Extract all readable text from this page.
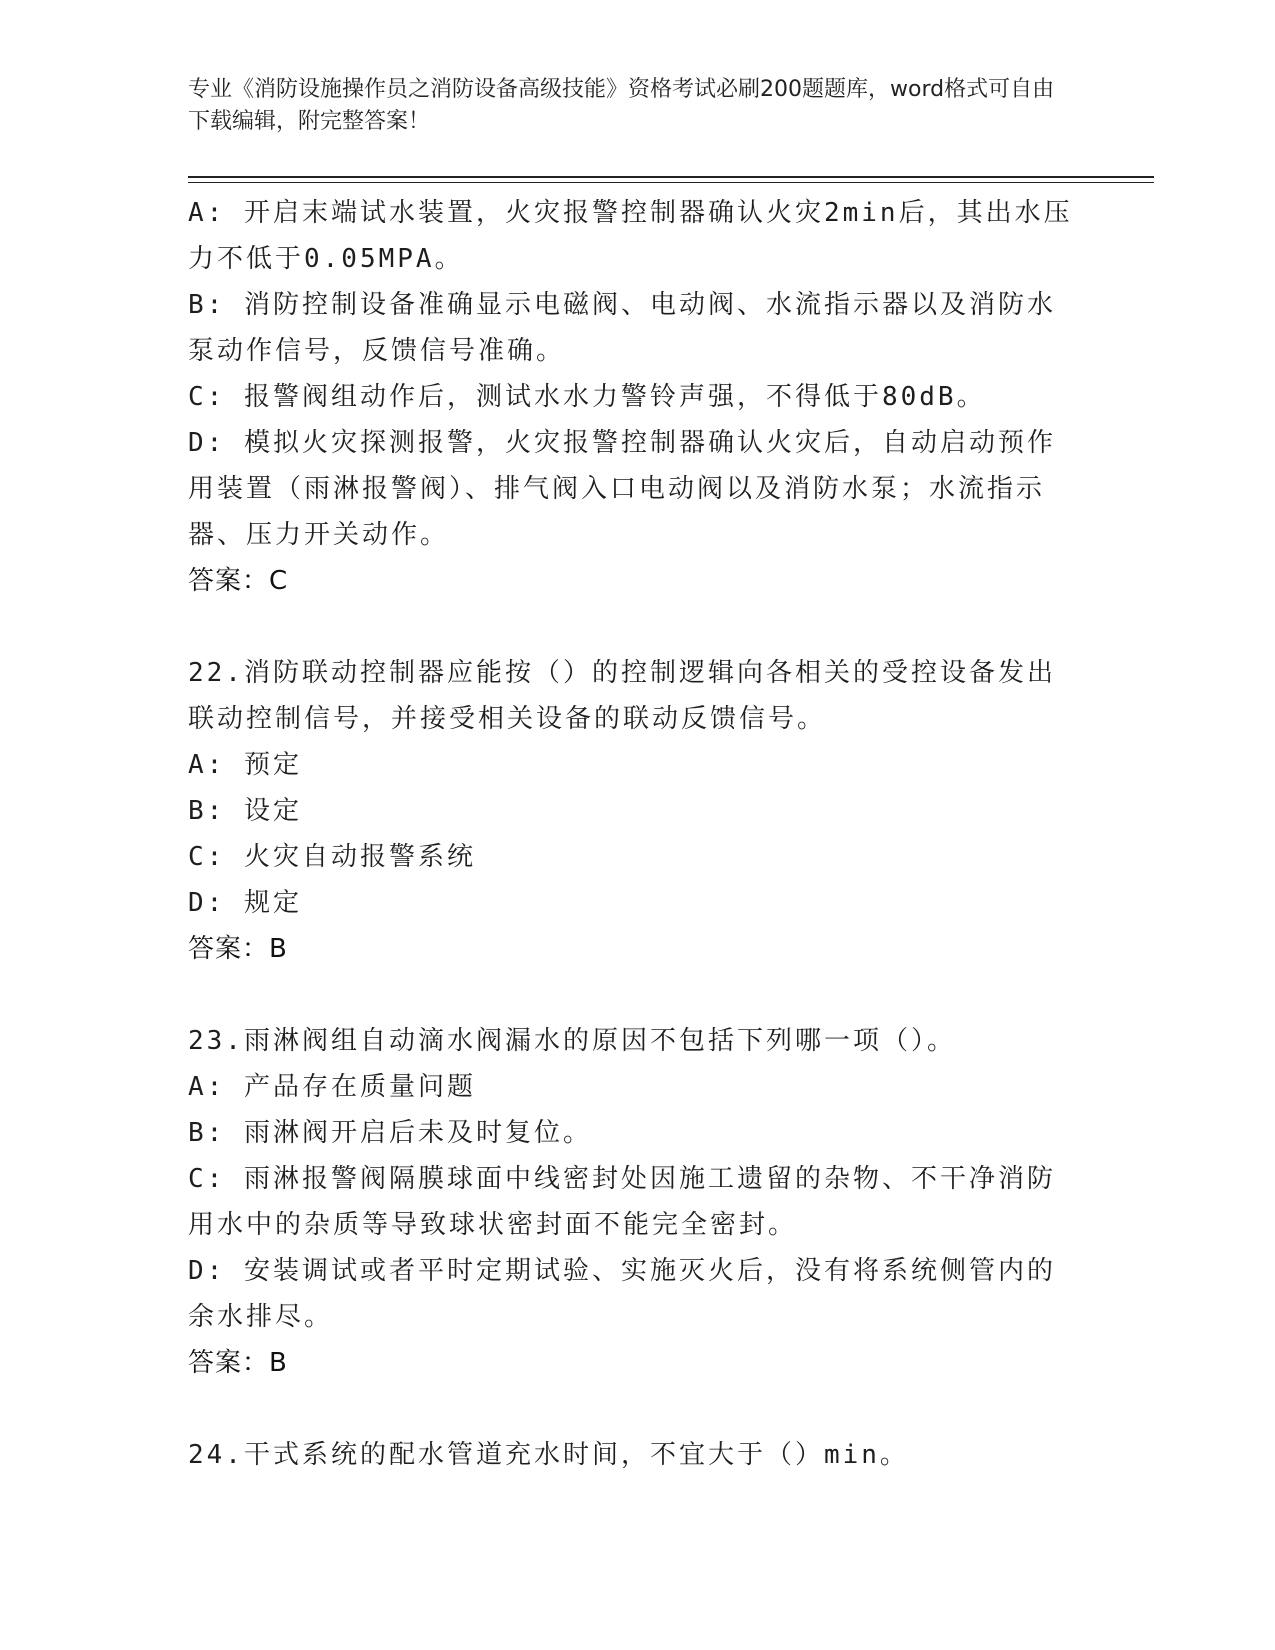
专业《消防设施操作员之消防设备高级技能》资格考试必刷200题题库，word格式可自由下载编辑，附完整答案！

A: 开启末端试水装置，火灾报警控制器确认火灾2min后，其出水压力不低于0.05MPA。

B: 消防控制设备准确显示电磁阀、电动阀、水流指示器以及消防水泵动作信号，反馈信号准确。

C: 报警阀组动作后，测试水水力警铃声强，不得低于80dB。

D: 模拟火灾探测报警，火灾报警控制器确认火灾后，自动启动预作用装置（雨淋报警阀）、排气阀入口电动阀以及消防水泵；水流指示器、压力开关动作。

答案：C

22.消防联动控制器应能按（）的控制逻辑向各相关的受控设备发出联动控制信号，并接受相关设备的联动反馈信号。

A: 预定

B: 设定

C: 火灾自动报警系统

D: 规定

答案：B

23.雨淋阀组自动滴水阀漏水的原因不包括下列哪一项（）。

A: 产品存在质量问题

B: 雨淋阀开启后未及时复位。

C: 雨淋报警阀隔膜球面中线密封处因施工遗留的杂物、不干净消防用水中的杂质等导致球状密封面不能完全密封。

D: 安装调试或者平时定期试验、实施灭火后，没有将系统侧管内的余水排尽。

答案：B

24.干式系统的配水管道充水时间，不宜大于（）min。
